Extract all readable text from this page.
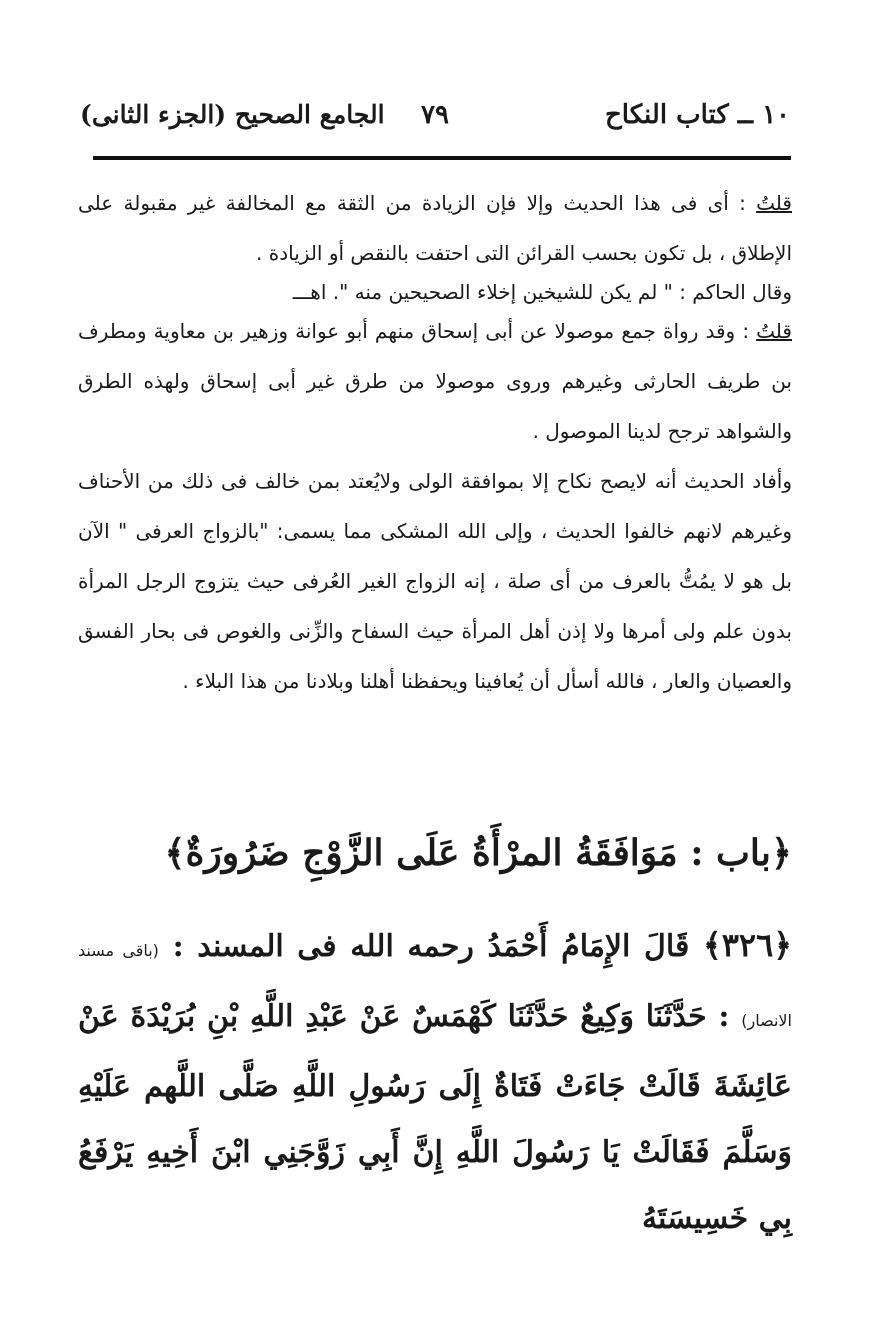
١٠ ــ كتاب النكاح
٧٩
الجامع الصحيح (الجزء الثانى)

قلتُ : أى فى هذا الحديث وإلا فإن الزيادة من الثقة مع المخالفة غير مقبولة على الإطلاق ، بل تكون بحسب القرائن التى احتفت بالنقص أو الزيادة .

وقال الحاكم : " لم يكن للشيخين إخلاء الصحيحين منه ". اهـــ

قلتُ : وقد رواة جمع موصولا عن أبى إسحاق منهم أبو عوانة وزهير بن معاوية ومطرف بن طريف الحارثى وغيرهم وروى موصولا من طرق غير أبى إسحاق ولهذه الطرق والشواهد ترجح لدينا الموصول .

وأفاد الحديث أنه لايصح نكاح إلا بموافقة الولى ولايُعتد بمن خالف فى ذلك من الأحناف وغيرهم لانهم خالفوا الحديث ، وإلى الله المشكى مما يسمى: "بالزواج العرفى " الآن بل هو لا يمُتُّ بالعرف من أى صلة ، إنه الزواج الغير العُرفى حيث يتزوج الرجل المرأة بدون علم ولى أمرها ولا إذن أهل المرأة حيث السفاح والزِّنى والغوص فى بحار الفسق والعصيان والعار ، فالله أسأل أن يُعافينا ويحفظنا أهلنا وبلادنا من هذا البلاء .

﴿باب : مَوَافَقَةُ المرْأَةُ عَلَى الزَّوْجِ ضَرُورَةٌ﴾
﴿٣٢٦﴾ قَالَ الإِمَامُ أَحْمَدُ رحمه الله فى المسند : (باقى مسند الانصار) : حَدَّثَنَا وَكِيعٌ حَدَّثَنَا كَهْمَسٌ عَنْ عَبْدِ اللَّهِ بْنِ بُرَيْدَةَ عَنْ عَائِشَةَ قَالَتْ جَاءَتْ فَتَاةٌ إِلَى رَسُولِ اللَّهِ صَلَّى اللَّهم عَلَيْهِ وَسَلَّمَ فَقَالَتْ يَا رَسُولَ اللَّهِ إِنَّ أَبِي زَوَّجَنِي ابْنَ أَخِيهِ يَرْفَعُ بِي خَسِيسَتَهُ
